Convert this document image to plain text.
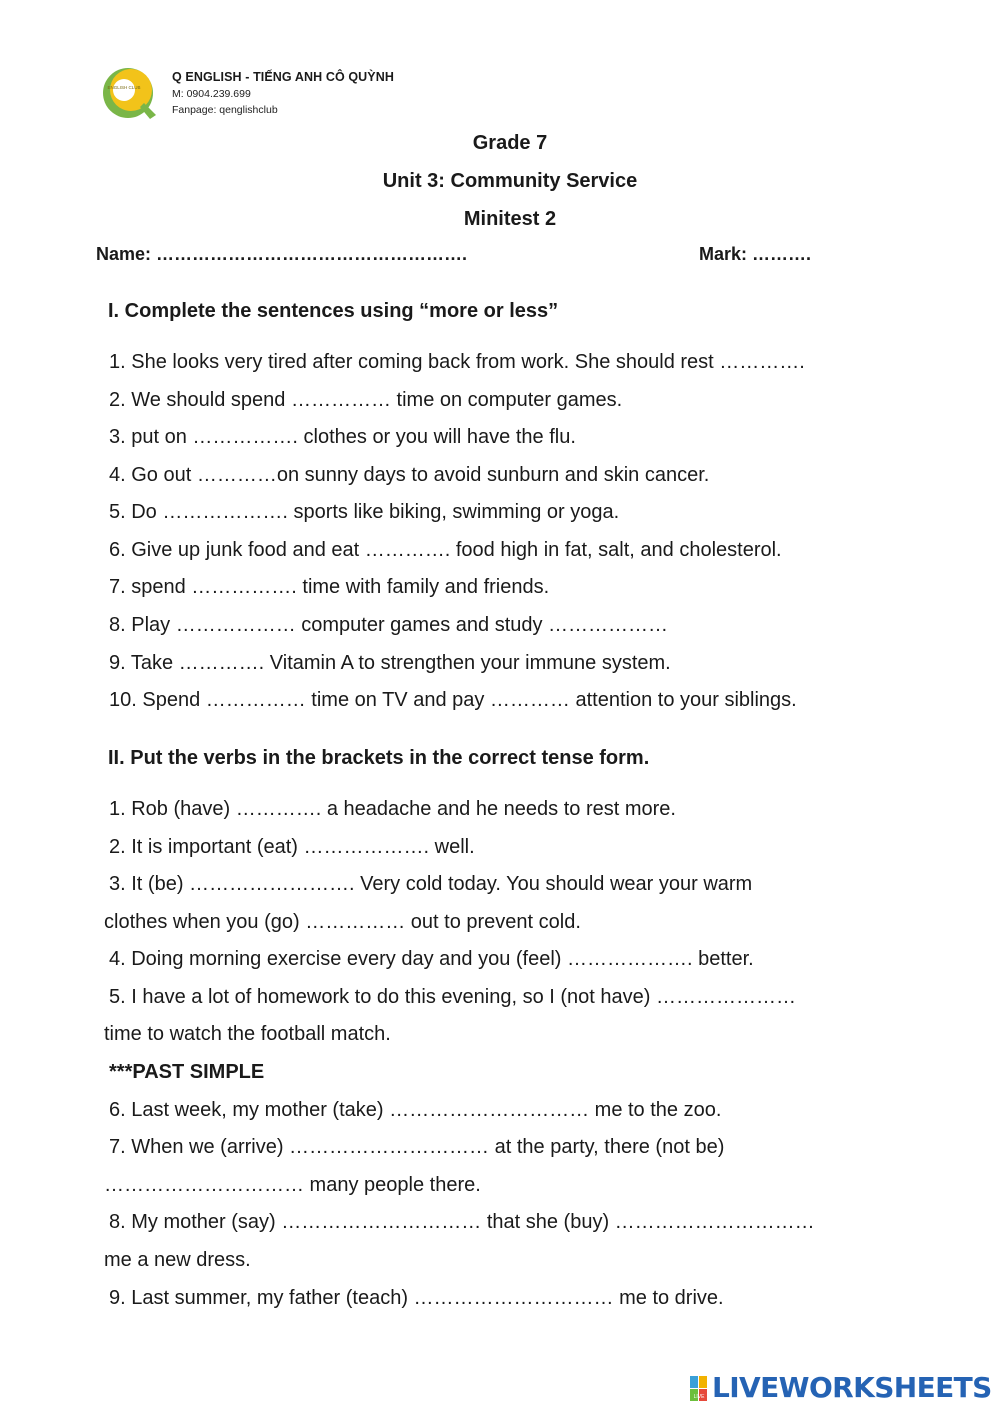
ENGLISH CLUB
Q ENGLISH - TIẾNG ANH CÔ QUỲNH
M: 0904.239.699
Fanpage: qenglishclub
Grade 7
Unit 3: Community Service
Minitest 2
Name: …………………………………………….	Mark: ……….
I. Complete the sentences using “more or less”
1. She looks very tired after coming back from work. She should rest ………….
2. We should spend …………… time on computer games.
3. put on ……………. clothes or you will have the flu.
4. Go out …………on sunny days to avoid sunburn and skin cancer.
5. Do ………………. sports like biking, swimming or yoga.
6. Give up junk food and eat …………. food high in fat, salt, and cholesterol.
7. spend ……………. time with family and friends.
8. Play ……………… computer games and study ………………
9. Take …………. Vitamin A to strengthen your immune system.
10. Spend …………… time on TV and pay ………… attention to your siblings.
II. Put the verbs in the brackets in the correct tense form.
1. Rob (have) …………. a headache and he needs to rest more.
2. It is important (eat) ………………. well.
3. It (be) ……………………. Very cold today. You should wear your warm
clothes when you (go) …………… out to prevent cold.
4. Doing morning exercise every day and you (feel) ………………. better.
5. I have a lot of homework to do this evening, so I (not have) …………………
time to watch the football match.
***PAST SIMPLE
6. Last week, my mother (take) ………………………… me to the zoo.
7. When we (arrive) ………………………… at the party, there (not be)
………………………… many people there.
8. My mother (say) ………………………… that she (buy) …………………………
me a new dress.
9. Last summer, my father (teach) ………………………… me to drive.
LIVE LIVEWORKSHEETS
